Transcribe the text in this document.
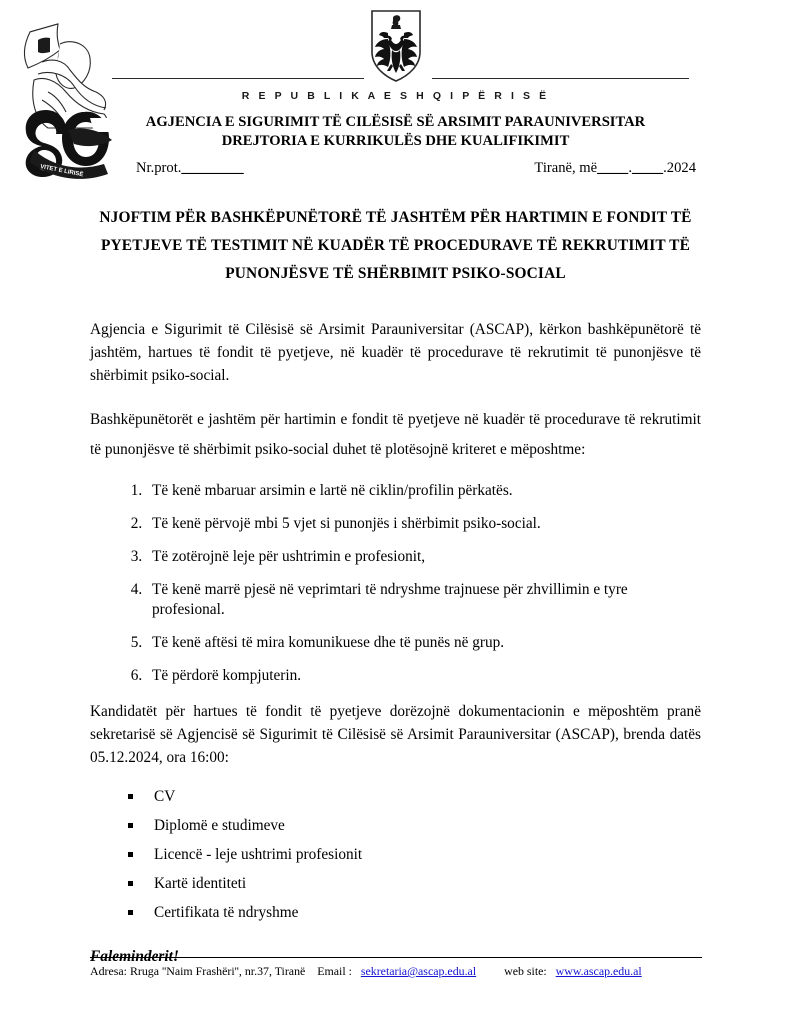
VITET E LIRISË
R E P U B L I K A E S H Q I P Ë R I S Ë
AGJENCIA E SIGURIMIT TË CILËSISË SË ARSIMIT PARAUNIVERSITAR
DREJTORIA E KURRIKULËS DHE KUALIFIKIMIT
Nr.prot.________	Tiranë, më____.____.2024
NJOFTIM PËR BASHKËPUNËTORË TË JASHTËM PËR HARTIMIN E FONDIT TË PYETJEVE TË TESTIMIT NË KUADËR TË PROCEDURAVE TË REKRUTIMIT TË PUNONJËSVE TË SHËRBIMIT PSIKO-SOCIAL

Agjencia e Sigurimit të Cilësisë së Arsimit Parauniversitar (ASCAP), kërkon bashkëpunëtorë të jashtëm, hartues të fondit të pyetjeve, në kuadër të procedurave të rekrutimit të punonjësve të shërbimit psiko-social.

Bashkëpunëtorët e jashtëm për hartimin e fondit të pyetjeve në kuadër të procedurave të rekrutimit të punonjësve të shërbimit psiko-social duhet të plotësojnë kriteret e mëposhtme:

1. Të kenë mbaruar arsimin e lartë në ciklin/profilin përkatës.
2. Të kenë përvojë mbi 5 vjet si punonjës i shërbimit psiko-social.
3. Të zotërojnë leje për ushtrimin e profesionit,
4. Të kenë marrë pjesë në veprimtari të ndryshme trajnuese për zhvillimin e tyre profesional.
5. Të kenë aftësi të mira komunikuese dhe të punës në grup.
6. Të përdorë kompjuterin.

Kandidatët për hartues të fondit të pyetjeve dorëzojnë dokumentacionin e mëposhtëm pranë sekretarisë së Agjencisë së Sigurimit të Cilësisë së Arsimit Parauniversitar (ASCAP), brenda datës 05.12.2024, ora 16:00:

CV
Diplomë e studimeve
Licencë - leje ushtrimi profesionit
Kartë identiteti
Certifikata të ndryshme

Faleminderit!

Adresa: Rruga ''Naim Frashëri'', nr.37, Tiranë Email : sekretaria@ascap.edu.al web site: www.ascap.edu.al
